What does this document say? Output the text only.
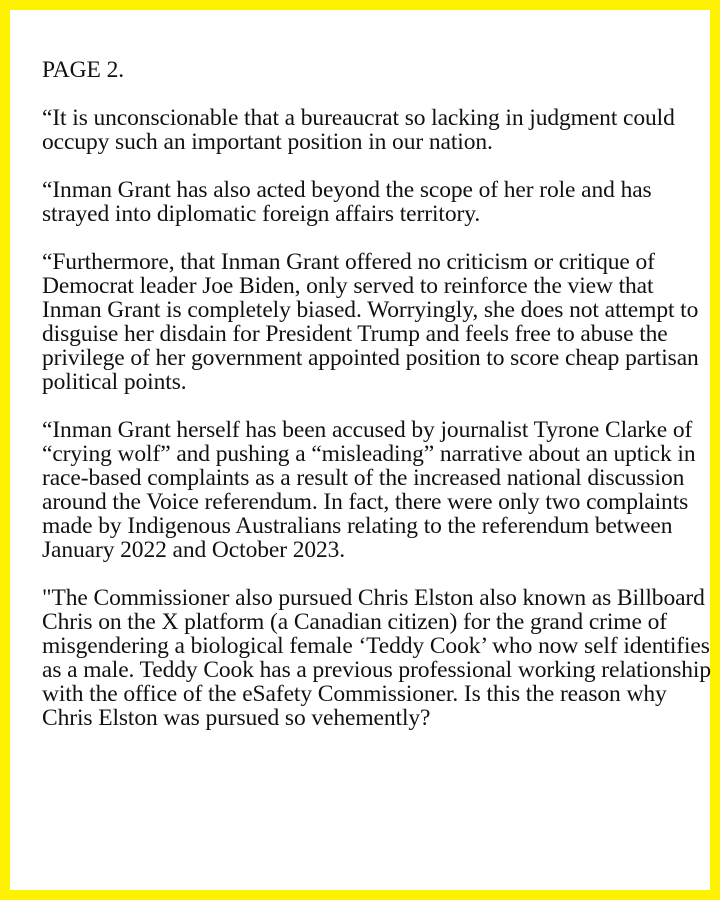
PAGE 2.

“It is unconscionable that a bureaucrat so lacking in judgment could occupy such an important position in our nation.

“Inman Grant has also acted beyond the scope of her role and has strayed into diplomatic foreign affairs territory.

“Furthermore, that Inman Grant offered no criticism or critique of Democrat leader Joe Biden, only served to reinforce the view that Inman Grant is completely biased. Worryingly, she does not attempt to disguise her disdain for President Trump and feels free to abuse the privilege of her government appointed position to score cheap partisan political points.

“Inman Grant herself has been accused by journalist Tyrone Clarke of “crying wolf” and pushing a “misleading” narrative about an uptick in race-based complaints as a result of the increased national discussion around the Voice referendum. In fact, there were only two complaints made by Indigenous Australians relating to the referendum between January 2022 and October 2023.

"The Commissioner also pursued Chris Elston also known as Billboard Chris on the X platform (a Canadian citizen) for the grand crime of misgendering a biological female ‘Teddy Cook’ who now self identifies as a male. Teddy Cook has a previous professional working relationship with the office of the eSafety Commissioner. Is this the reason why Chris Elston was pursued so vehemently?
